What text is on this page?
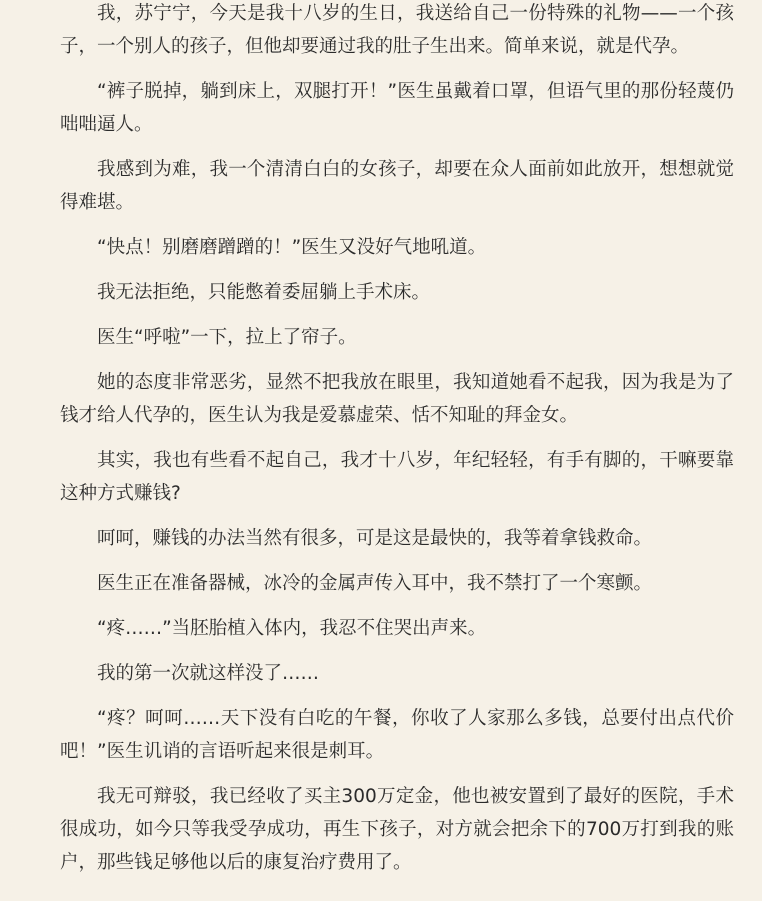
我，苏宁宁，今天是我十八岁的生日，我送给自己一份特殊的礼物——一个孩子，一个别人的孩子，但他却要通过我的肚子生出来。简单来说，就是代孕。

“裤子脱掉，躺到床上，双腿打开！”医生虽戴着口罩，但语气里的那份轻蔑仍咄咄逼人。

我感到为难，我一个清清白白的女孩子，却要在众人面前如此放开，想想就觉得难堪。

“快点！别磨磨蹭蹭的！”医生又没好气地吼道。

我无法拒绝，只能憋着委屈躺上手术床。

医生“呼啦”一下，拉上了帘子。

她的态度非常恶劣，显然不把我放在眼里，我知道她看不起我，因为我是为了钱才给人代孕的，医生认为我是爱慕虚荣、恬不知耻的拜金女。

其实，我也有些看不起自己，我才十八岁，年纪轻轻，有手有脚的，干嘛要靠这种方式赚钱?

呵呵，赚钱的办法当然有很多，可是这是最快的，我等着拿钱救命。

医生正在准备器械，冰冷的金属声传入耳中，我不禁打了一个寒颤。

“疼……”当胚胎植入体内，我忍不住哭出声来。

我的第一次就这样没了……

“疼？呵呵……天下没有白吃的午餐，你收了人家那么多钱，总要付出点代价吧！”医生讥诮的言语听起来很是刺耳。

我无可辩驳，我已经收了买主300万定金，他也被安置到了最好的医院，手术很成功，如今只等我受孕成功，再生下孩子，对方就会把余下的700万打到我的账户，那些钱足够他以后的康复治疗费用了。
